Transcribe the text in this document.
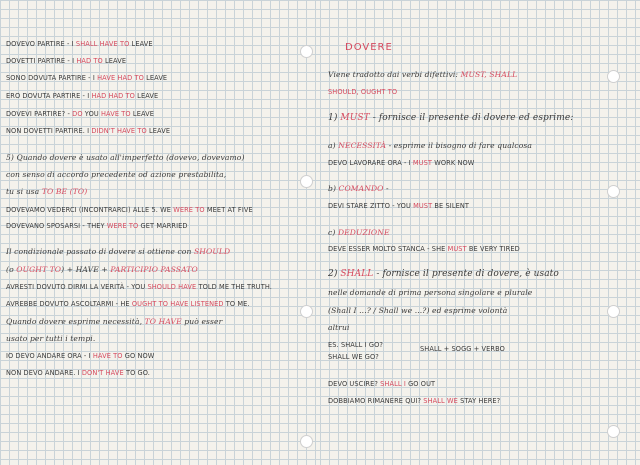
DOVERE
DOVEVO PARTIRE - I SHALL HAVE TO LEAVE
DOVETTI PARTIRE - I HAD TO LEAVE
SONO DOVUTA PARTIRE - I HAVE HAD TO LEAVE
ERO DOVUTA PARTIRE - I HAD HAD TO LEAVE
DOVEVI PARTIRE? - DO YOU HAVE TO LEAVE
NON DOVETTI PARTIRE. I DIDN'T HAVE TO LEAVE
5) Quando dovere è usato all'imperfetto (dovevo, dovevamo)
con senso di accordo precedente od azione prestabilita,
tu si usa TO BE (TO)
DOVEVAMO VEDERCI (INCONTRARCI) ALLE 5. WE WERE TO MEET AT FIVE
DOVEVANO SPOSARSI - THEY WERE TO GET MARRIED
Il condizionale passato di dovere si ottiene con SHOULD
(o OUGHT TO) + HAVE + PARTICIPIO PASSATO
AVRESTI DOVUTO DIRMI LA VERITÀ - YOU SHOULD HAVE TOLD ME THE TRUTH.
AVREBBE DOVUTO ASCOLTARMI - HE OUGHT TO HAVE LISTENED TO ME.
Quando dovere esprime necessità, TO HAVE può esser
usato per tutti i tempi.
IO DEVO ANDARE ORA - I HAVE TO GO NOW
NON DEVO ANDARE. I DON'T HAVE TO GO.
Viene tradotto dai verbi difettivi: MUST, SHALL
SHOULD, OUGHT TO
1) MUST - fornisce il presente di dovere ed esprime:
a) NECESSITÀ - esprime il bisogno di fare qualcosa
DEVO LAVORARE ORA - I MUST WORK NOW
b) COMANDO -
DEVI STARE ZITTO - YOU MUST BE SILENT
c) DEDUZIONE
DEVE ESSER MOLTO STANCA - SHE MUST BE VERY TIRED
2) SHALL - fornisce il presente di dovere, è usato
nelle domande di prima persona singolare e plurale
(Shall I ...? / Shall we ...?) ed esprime volontà
altrui
ES. SHALL I GO?
SHALL WE GO?
SHALL + SOGG + VERBO
DEVO USCIRE? SHALL I GO OUT
DOBBIAMO RIMANERE QUI? SHALL WE STAY HERE?
